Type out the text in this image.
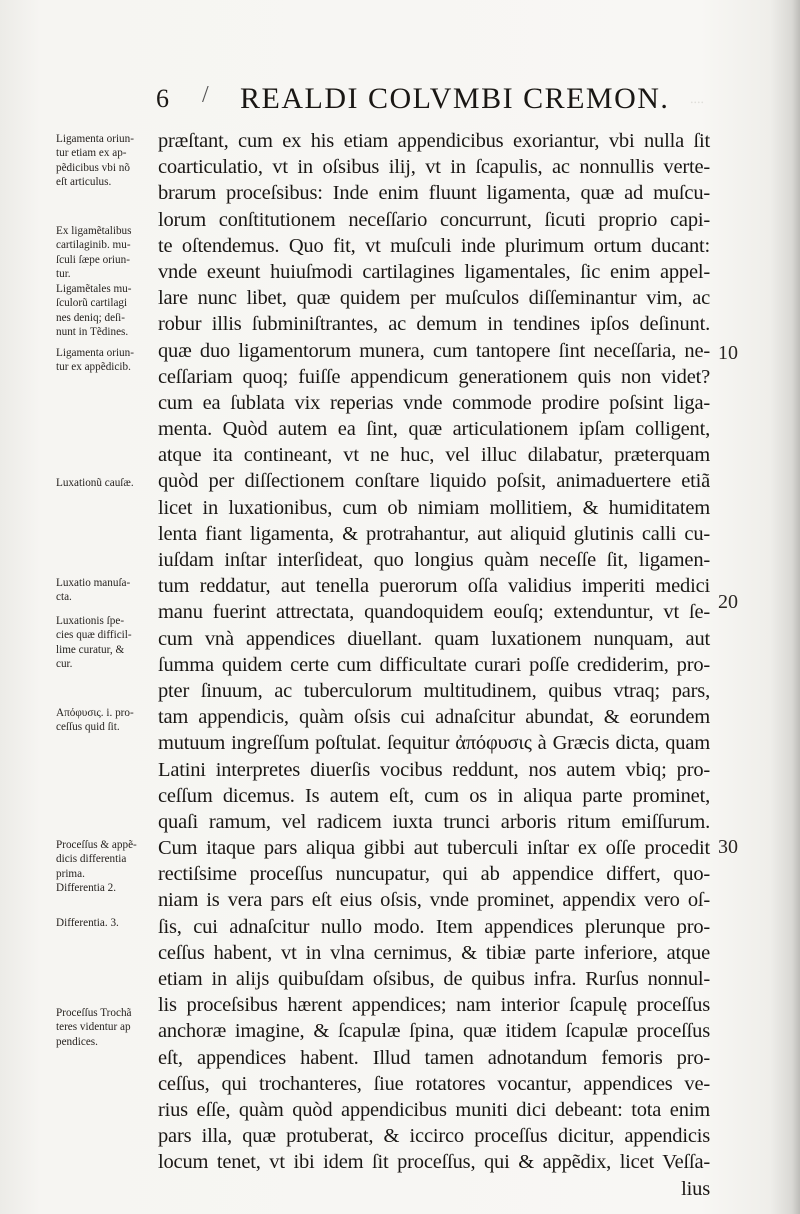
6 / REALDI COLVMBI CREMON. ∙∙∙∙
præſtant, cum ex his etiam appendicibus exoriantur, vbi nulla ſit
coarticulatio, vt in oſsibus ilij, vt in ſcapulis, ac nonnullis verte-
brarum proceſsibus: Inde enim fluunt ligamenta, quæ ad muſcu-
lorum conſtitutionem neceſſario concurrunt, ſicuti proprio capi-
te oſtendemus. Quo fit, vt muſculi inde plurimum ortum ducant:
vnde exeunt huiuſmodi cartilagines ligamentales, ſic enim appel-
lare nunc libet, quæ quidem per muſculos diſſeminantur vim, ac
robur illis ſubminiſtrantes, ac demum in tendines ipſos deſinunt.
quæ duo ligamentorum munera, cum tantopere ſint neceſſaria, ne-
ceſſariam quoq; fuiſſe appendicum generationem quis non videt?
cum ea ſublata vix reperias vnde commode prodire poſsint liga-
menta. Quòd autem ea ſint, quæ articulationem ipſam colligent,
atque ita contineant, vt ne huc, vel illuc dilabatur, præterquam
quòd per diſſectionem conſtare liquido poſsit, animaduertere etiã
licet in luxationibus, cum ob nimiam mollitiem, & humiditatem
lenta fiant ligamenta, & protrahantur, aut aliquid glutinis calli cu-
iuſdam inſtar interſideat, quo longius quàm neceſſe ſit, ligamen-
tum reddatur, aut tenella puerorum oſſa validius imperiti medici
manu fuerint attrectata, quandoquidem eouſq; extenduntur, vt ſe-
cum vnà appendices diuellant. quam luxationem nunquam, aut
ſumma quidem certe cum difficultate curari poſſe crediderim, pro-
pter ſinuum, ac tuberculorum multitudinem, quibus vtraq; pars,
tam appendicis, quàm oſsis cui adnaſcitur abundat, & eorundem
mutuum ingreſſum poſtulat. ſequitur ἀπόφυσις à Græcis dicta, quam
Latini interpretes diuerſis vocibus reddunt, nos autem vbiq; pro-
ceſſum dicemus. Is autem eſt, cum os in aliqua parte prominet,
quaſi ramum, vel radicem iuxta trunci arboris ritum emiſſurum.
Cum itaque pars aliqua gibbi aut tuberculi inſtar ex oſſe procedit
rectiſsime proceſſus nuncupatur, qui ab appendice differt, quo-
niam is vera pars eſt eius oſsis, vnde prominet, appendix vero oſ-
ſis, cui adnaſcitur nullo modo. Item appendices plerunque pro-
ceſſus habent, vt in vlna cernimus, & tibiæ parte inferiore, atque
etiam in alijs quibuſdam oſsibus, de quibus infra. Rurſus nonnul-
lis proceſsibus hærent appendices; nam interior ſcapulę proceſſus
anchoræ imagine, & ſcapulæ ſpina, quæ itidem ſcapulæ proceſſus
eſt, appendices habent. Illud tamen adnotandum femoris pro-
ceſſus, qui trochanteres, ſiue rotatores vocantur, appendices ve-
rius eſſe, quàm quòd appendicibus muniti dici debeant: tota enim
pars illa, quæ protuberat, & iccirco proceſſus dicitur, appendicis
locum tenet, vt ibi idem ſit proceſſus, qui & appẽdix, licet Veſſa-
lius
10
20
30
Ligamenta oriun-
tur etiam ex ap-
pẽdicibus vbi nõ
eſt articulus.
Ex ligamẽtalibus
cartilaginib. mu-
ſculi ſæpe oriun-
tur.
Ligamẽtales mu-
ſculorũ cartilagi
nes deniq; deſi-
nunt in Tẽdines.
Ligamenta oriun-
tur ex appẽdicib.
Luxationũ cauſæ.
Luxatio manuſa-
cta.
Luxationis ſpe-
cies quæ difficil-
lime curatur, &
cur.
Aπόφυσις. i. pro-
ceſſus quid ſit.
Proceſſus & appẽ-
dicis differentia
prima.
Differentia 2.
Differentia. 3.
Proceſſus Trochã
teres videntur ap
pendices.
